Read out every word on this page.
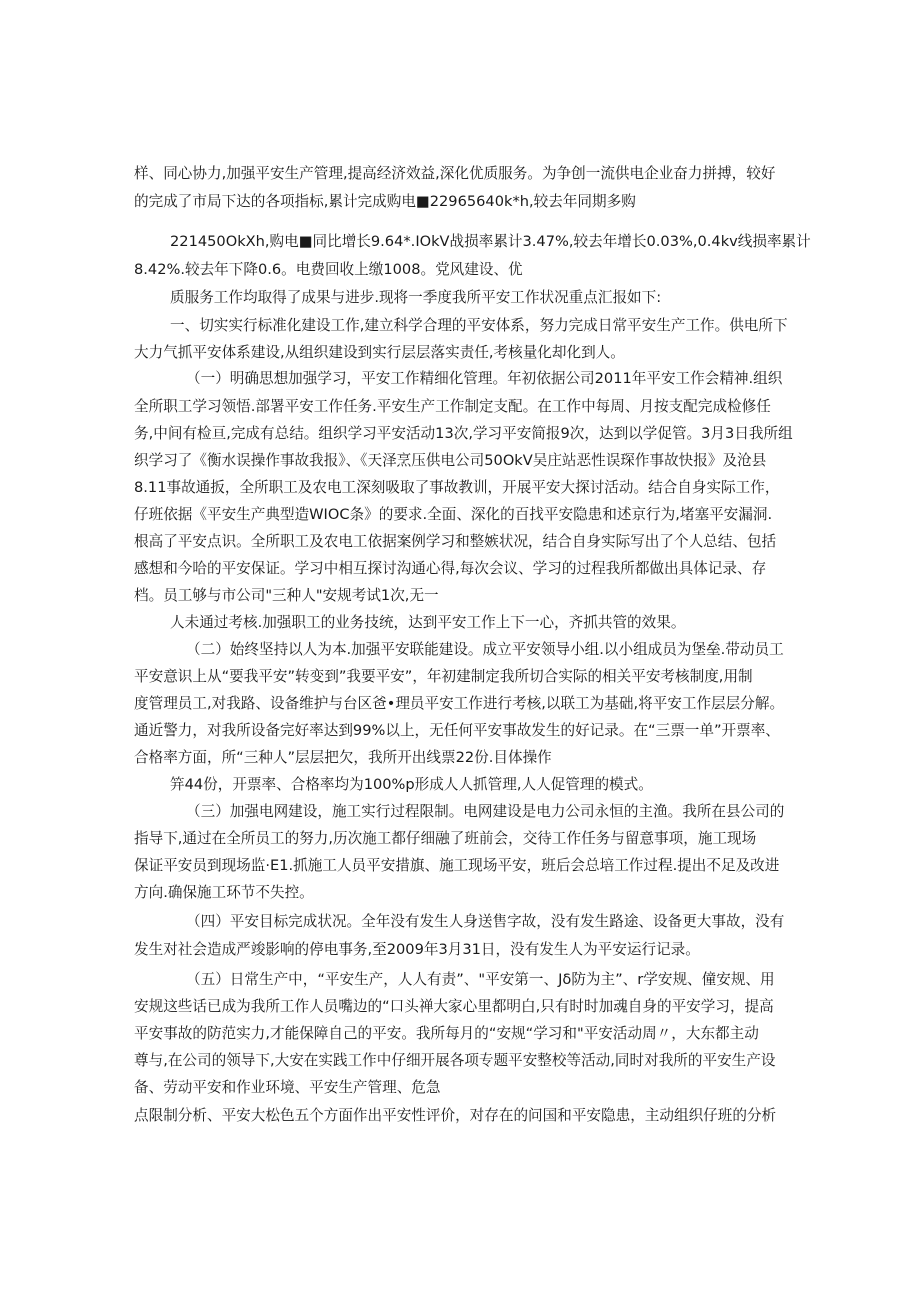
样、同心协力,加强平安生产管理,提高经济效益,深化优质服务。为争创一流供电企业奋力拼搏，较好
的完成了市局下达的各项指标,累计完成购电■22965640k*h,较去年同期多购
221450OkXh,购电■同比增长9.64*.IOkV战损率累计3.47%,较去年增长0.03%,0.4kv线损率累计
8.42%.较去年下降0.6。电费回收上缴1008。党风建设、优
质服务工作均取得了成果与进步.现将一季度我所平安工作状况重点汇报如下:
一、切实实行标准化建设工作,建立科学合理的平安体系，努力完成日常平安生产工作。供电所下
大力气抓平安体系建设,从组织建设到实行层层落实责任,考核量化却化到人。
（一）明确思想加强学习，平安工作精细化管理。年初依据公司2011年平安工作会精神.组织
全所职工学习领悟.部署平安工作任务.平安生产工作制定支配。在工作中每周、月按支配完成检修任
务,中间有检亘,完成有总结。组织学习平安活动13次,学习平安简报9次，达到以学促管。3月3日我所组
织学习了《衡水误操作事故我报》、《天泽烹压供电公司50OkV吴庄站恶性误琛作事故快报》及沧县
8.11事故通扳，全所职工及农电工深刻吸取了事故教训，开展平安大探讨活动。结合自身实际工作，
仔班依据《平安生产典型造WIOC条》的要求.全面、深化的百找平安隐患和述京行为,堵塞平安漏洞.
根高了平安点识。全所职工及农电工依据案例学习和整嫉状况，结合自身实际写出了个人总结、包括
感想和今哈的平安保证。学习中相互探讨沟通心得,每次会议、学习的过程我所都做出具体记录、存
档。员工够与市公司"三种人"安规考试1次,无一
人未通过考核.加强职工的业务技统，达到平安工作上下一心，齐抓共管的效果。
（二）始终坚持以人为本.加强平安联能建设。成立平安领导小组.以小组成员为堡垒.带动员工
平安意识上从“要我平安”转变到”我要平安”，年初建制定我所切合实际的相关平安考核制度,用制
度管理员工,对我路、设备维护与台区爸•理员平安工作进行考核,以联工为基础,将平安工作层层分解。
通近警力，对我所设备完好率达到99%以上，无任何平安事故发生的好记录。在“三票一单”开票率、
合格率方面，所“三种人”层层把欠，我所开出线票22份.目体操作
笄44份，开票率、合格率均为100%p形成人人抓管理,人人促管理的模式。
（三）加强电网建设，施工实行过程限制。电网建设是电力公司永恒的主渔。我所在县公司的
指导下,通过在全所员工的努力,历次施工都仔细融了班前会，交待工作任务与留意事项，施工现场
保证平安员到现场监·E1.抓施工人员平安措旗、施工现场平安，班后会总培工作过程.提出不足及改进
方向.确保施工环节不失控。
（四）平安目标完成状况。全年没有发生人身送售字故，没有发生路途、设备更大事故，没有
发生对社会造成严竣影响的停电事务,至2009年3月31日，没有发生人为平安运行记录。
（五）日常生产中，“平安生产，人人有责”、"平安第一、Jδ防为主”、r学安规、僮安规、用
安规这些话已成为我所工作人员嘴边的“口头禅大家心里都明白,只有时时加魂自身的平安学习，提高
平安事故的防范实力,才能保障自己的平安。我所每月的“安规“学习和"平安活动周〃，大东都主动
尊与,在公司的领导下,大安在实践工作中仔细开展各项专题平安整校等活动,同时对我所的平安生产设
备、劳动平安和作业环境、平安生产管理、危急
点限制分析、平安大松色五个方面作出平安性评价，对存在的问国和平安隐患，主动组织仔班的分析
